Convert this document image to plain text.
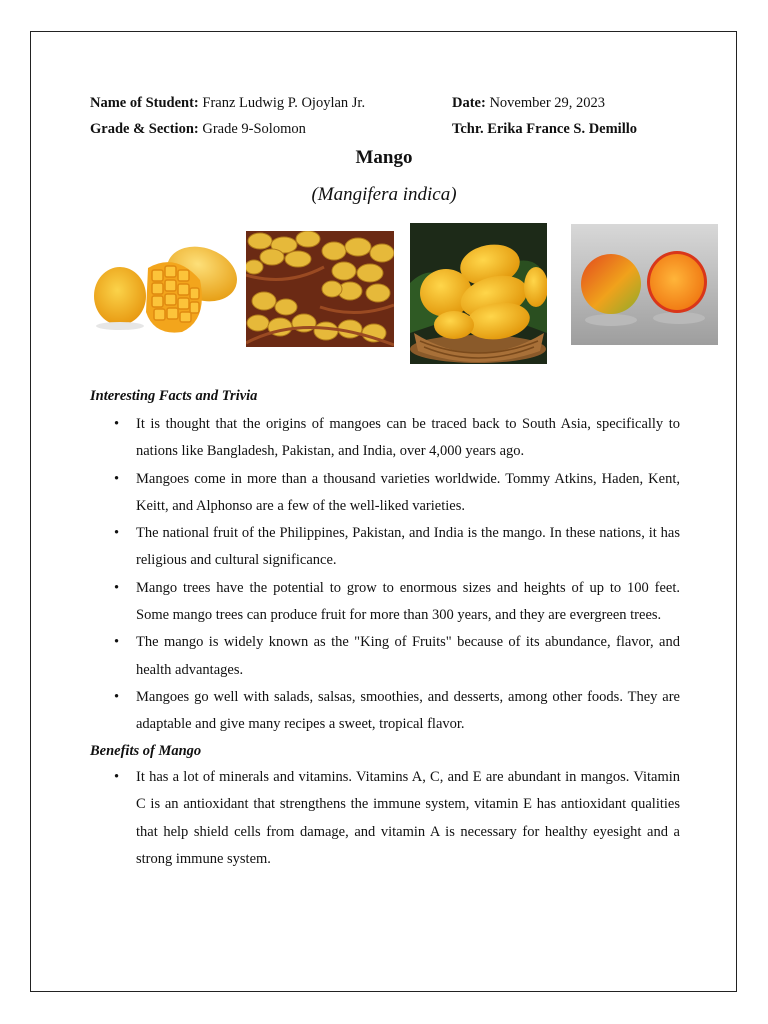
Name of Student: Franz Ludwig P. Ojoylan Jr.	Date: November 29, 2023
Grade & Section: Grade 9-Solomon	Tchr. Erika France S. Demillo
Mango
(Mangifera indica)
Interesting Facts and Trivia
• It is thought that the origins of mangoes can be traced back to South Asia, specifically to nations like Bangladesh, Pakistan, and India, over 4,000 years ago.
• Mangoes come in more than a thousand varieties worldwide. Tommy Atkins, Haden, Kent, Keitt, and Alphonso are a few of the well-liked varieties.
• The national fruit of the Philippines, Pakistan, and India is the mango. In these nations, it has religious and cultural significance.
• Mango trees have the potential to grow to enormous sizes and heights of up to 100 feet. Some mango trees can produce fruit for more than 300 years, and they are evergreen trees.
• The mango is widely known as the "King of Fruits" because of its abundance, flavor, and health advantages.
• Mangoes go well with salads, salsas, smoothies, and desserts, among other foods. They are adaptable and give many recipes a sweet, tropical flavor.
Benefits of Mango
• It has a lot of minerals and vitamins. Vitamins A, C, and E are abundant in mangos. Vitamin C is an antioxidant that strengthens the immune system, vitamin E has antioxidant qualities that help shield cells from damage, and vitamin A is necessary for healthy eyesight and a strong immune system.
